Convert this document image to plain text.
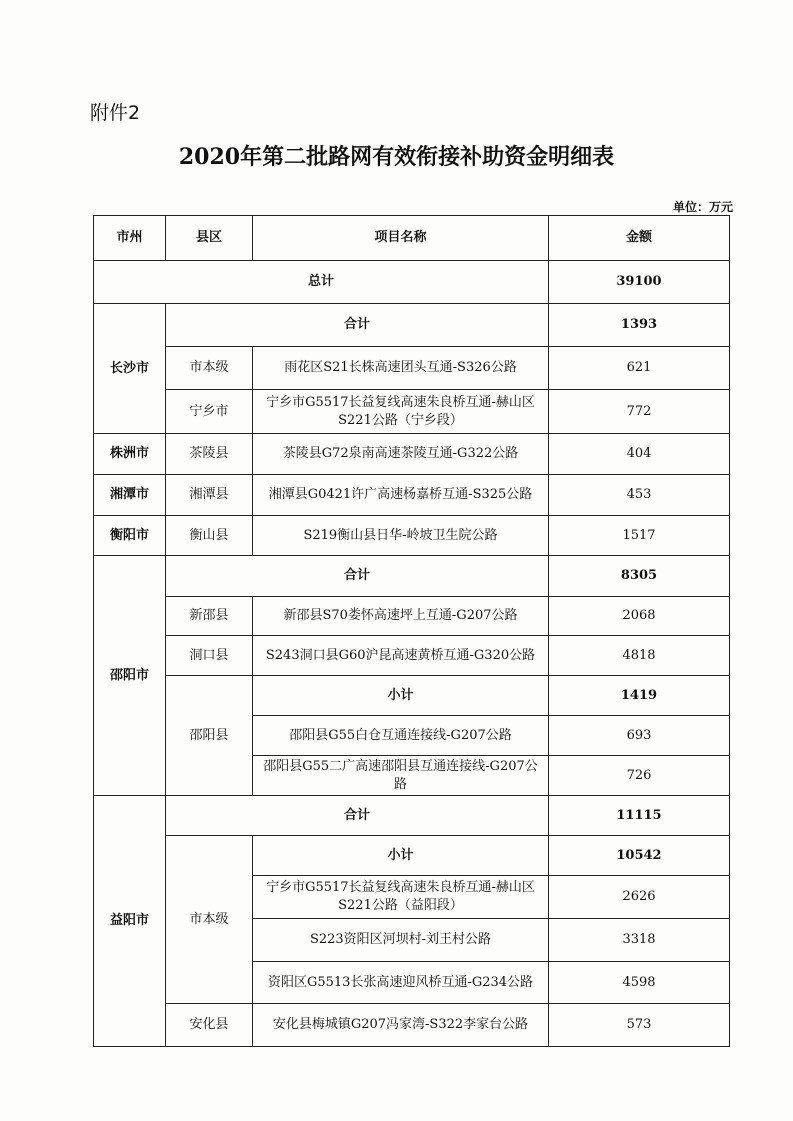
附件2
2020年第二批路网有效衔接补助资金明细表
单位：万元
市州	县区	项目名称	金额
总计			39100
长沙市	合计		1393
	市本级	雨花区S21长株高速团头互通-S326公路	621
	宁乡市	宁乡市G5517长益复线高速朱良桥互通-赫山区S221公路（宁乡段）	772
株洲市	茶陵县	茶陵县G72泉南高速茶陵互通-G322公路	404
湘潭市	湘潭县	湘潭县G0421许广高速杨嘉桥互通-S325公路	453
衡阳市	衡山县	S219衡山县日华-岭坡卫生院公路	1517
邵阳市	合计		8305
	新邵县	新邵县S70娄怀高速坪上互通-G207公路	2068
	洞口县	S243洞口县G60沪昆高速黄桥互通-G320公路	4818
	邵阳县	小计	1419
		邵阳县G55白仓互通连接线-G207公路	693
		邵阳县G55二广高速邵阳县互通连接线-G207公路	726
益阳市	合计		11115
	市本级	小计	10542
		宁乡市G5517长益复线高速朱良桥互通-赫山区S221公路（益阳段）	2626
		S223资阳区河坝村-刘王村公路	3318
		资阳区G5513长张高速迎风桥互通-G234公路	4598
	安化县	安化县梅城镇G207冯家湾-S322李家台公路	573
